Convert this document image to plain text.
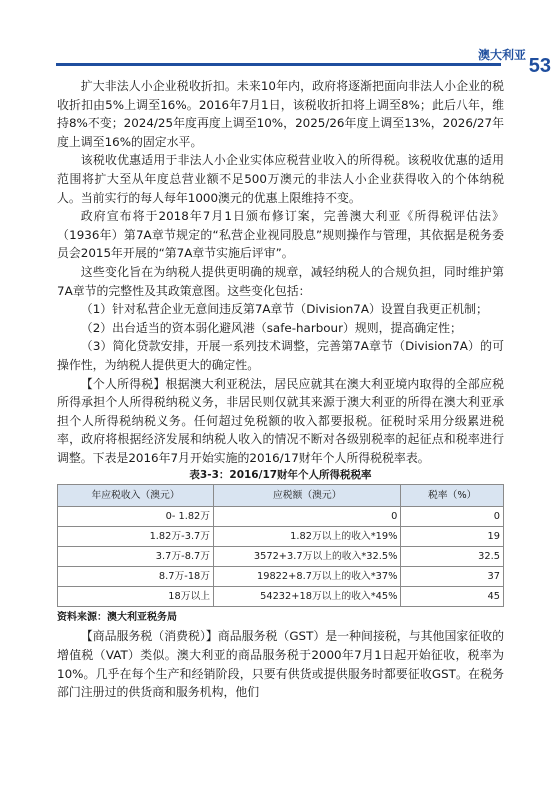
澳大利亚 53

扩大非法人小企业税收折扣。未来10年内，政府将逐渐把面向非法人小企业的税收折扣由5%上调至16%。2016年7月1日，该税收折扣将上调至8%；此后八年，维持8%不变；2024/25年度再度上调至10%，2025/26年度上调至13%，2026/27年度上调至16%的固定水平。

该税收优惠适用于非法人小企业实体应税营业收入的所得税。该税收优惠的适用范围将扩大至从年度总营业额不足500万澳元的非法人小企业获得收入的个体纳税人。当前实行的每人每年1000澳元的优惠上限维持不变。

政府宣布将于2018年7月1日颁布修订案，完善澳大利亚《所得税评估法》（1936年）第7A章节规定的“私营企业视同股息”规则操作与管理，其依据是税务委员会2015年开展的“第7A章节实施后评审”。

这些变化旨在为纳税人提供更明确的规章，减轻纳税人的合规负担，同时维护第7A章节的完整性及其政策意图。这些变化包括：

（1）针对私营企业无意间违反第7A章节（Division7A）设置自我更正机制；

（2）出台适当的资本弱化避风港（safe-harbour）规则，提高确定性；

（3）简化贷款安排，开展一系列技术调整，完善第7A章节（Division7A）的可操作性，为纳税人提供更大的确定性。

【个人所得税】根据澳大利亚税法，居民应就其在澳大利亚境内取得的全部应税所得承担个人所得税纳税义务，非居民则仅就其来源于澳大利亚的所得在澳大利亚承担个人所得税纳税义务。任何超过免税额的收入都要报税。征税时采用分级累进税率，政府将根据经济发展和纳税人收入的情况不断对各级别税率的起征点和税率进行调整。下表是2016年7月开始实施的2016/17财年个人所得税税率表。

表3-3：2016/17财年个人所得税税率
年应税收入（澳元）	应税额（澳元）	税率（%）
0- 1.82万	0	0
1.82万-3.7万	1.82万以上的收入*19%	19
3.7万-8.7万	3572+3.7万以上的收入*32.5%	32.5
8.7万-18万	19822+8.7万以上的收入*37%	37
18万以上	54232+18万以上的收入*45%	45
资料来源：澳大利亚税务局

【商品服务税（消费税）】商品服务税（GST）是一种间接税，与其他国家征收的增值税（VAT）类似。澳大利亚的商品服务税于2000年7月1日起开始征收，税率为10%。几乎在每个生产和经销阶段，只要有供货或提供服务时都要征收GST。在税务部门注册过的供货商和服务机构，他们
